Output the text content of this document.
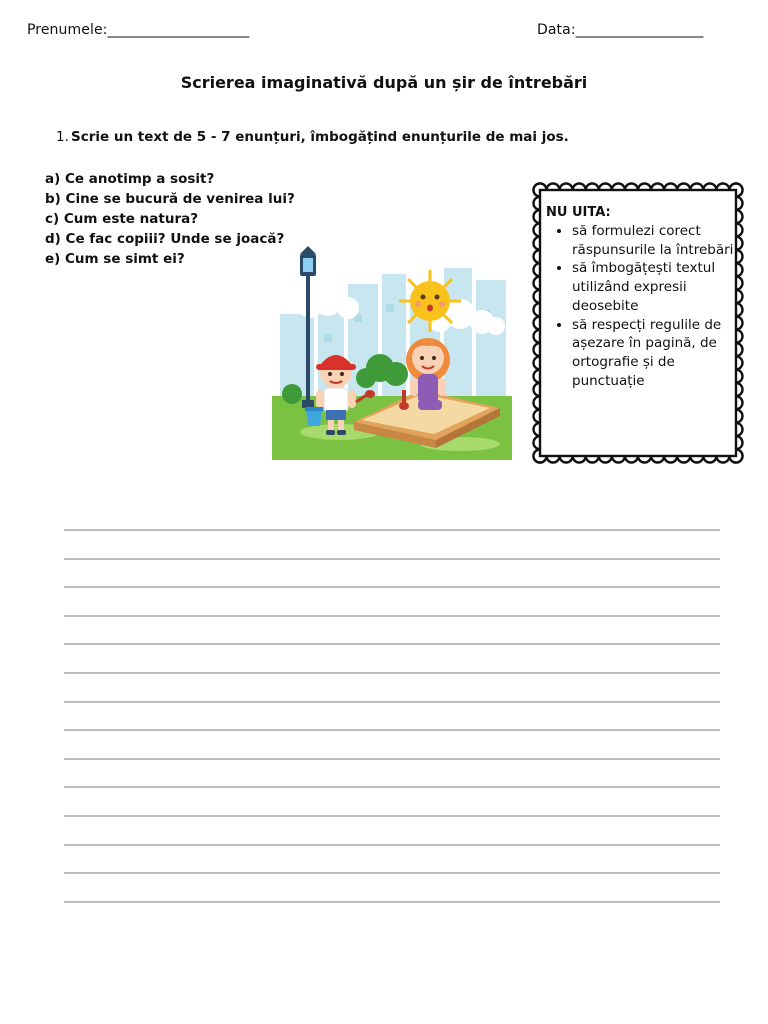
Prenumele:____________________	Data:__________________
Scrierea imaginativă după un șir de întrebări
1. Scrie un text de 5 - 7 enunțuri, îmbogățind enunțurile de mai jos.
a) Ce anotimp a sosit?
b) Cine se bucură de venirea lui?
c) Cum este natura?
d) Ce fac copiii? Unde se joacă?
e) Cum se simt ei?
NU UITA:
• să formulezi corect răspunsurile la întrebări
• să îmbogățești textul utilizând expresii deosebite
• să respecți regulile de așezare în pagină, de ortografie și de punctuație
